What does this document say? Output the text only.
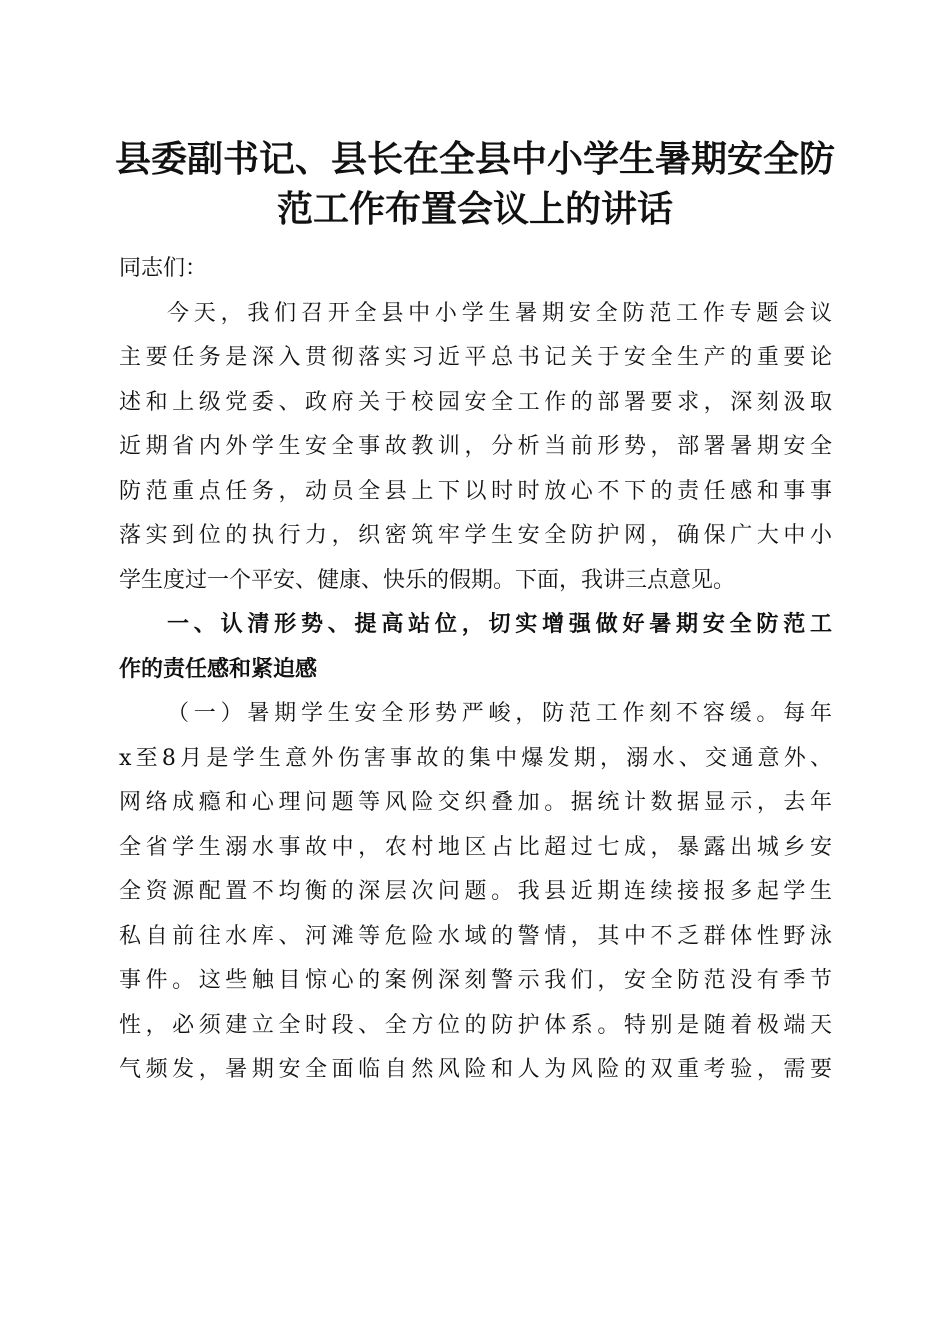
县委副书记、县长在全县中小学生暑期安全防
范工作布置会议上的讲话
同志们：
今天，我们召开全县中小学生暑期安全防范工作专题会议
主要任务是深入贯彻落实习近平总书记关于安全生产的重要论
述和上级党委、政府关于校园安全工作的部署要求，深刻汲取
近期省内外学生安全事故教训，分析当前形势，部署暑期安全
防范重点任务，动员全县上下以时时放心不下的责任感和事事
落实到位的执行力，织密筑牢学生安全防护网，确保广大中小
学生度过一个平安、健康、快乐的假期。下面，我讲三点意见。
一、认清形势、提高站位，切实增强做好暑期安全防范工
作的责任感和紧迫感
（一）暑期学生安全形势严峻，防范工作刻不容缓。每年
x至8月是学生意外伤害事故的集中爆发期，溺水、交通意外、
网络成瘾和心理问题等风险交织叠加。据统计数据显示，去年
全省学生溺水事故中，农村地区占比超过七成，暴露出城乡安
全资源配置不均衡的深层次问题。我县近期连续接报多起学生
私自前往水库、河滩等危险水域的警情，其中不乏群体性野泳
事件。这些触目惊心的案例深刻警示我们，安全防范没有季节
性，必须建立全时段、全方位的防护体系。特别是随着极端天
气频发，暑期安全面临自然风险和人为风险的双重考验，需要
